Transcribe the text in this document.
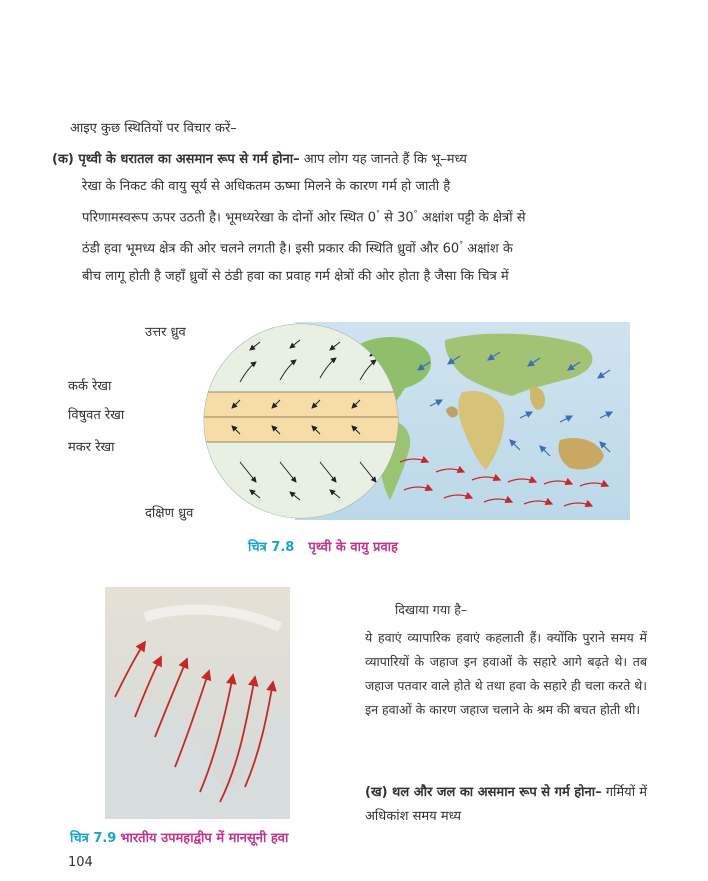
आइए कुछ स्थितियों पर विचार करें–
(क) पृथ्वी के धरातल का असमान रूप से गर्म होना– आप लोग यह जानते हैं कि भू–मध्य
रेखा के निकट की वायु सूर्य से अधिकतम ऊष्मा मिलने के कारण गर्म हो जाती है
परिणामस्वरूप ऊपर उठती है। भूमध्यरेखा के दोनों ओर स्थित 0° से 30° अक्षांश पट्टी के क्षेत्रों से
ठंडी हवा भूमध्य क्षेत्र की ओर चलने लगती है। इसी प्रकार की स्थिति ध्रुवों और 60° अक्षांश के
बीच लागू होती है जहाँ ध्रुवों से ठंडी हवा का प्रवाह गर्म क्षेत्रों की ओर होता है जैसा कि चित्र में
उत्तर ध्रुव
कर्क रेखा
विषुवत रेखा
मकर रेखा
दक्षिण ध्रुव
चित्र 7.8 पृथ्वी के वायु प्रवाह
चित्र 7.9 भारतीय उपमहाद्वीप में मानसूनी हवा
दिखाया गया है–
ये हवाएं व्यापारिक हवाएं कहलाती हैं। क्योंकि पुराने समय में व्यापारियों के जहाज इन हवाओं के सहारे आगे बढ़ते थे। तब जहाज पतवार वाले होते थे तथा हवा के सहारे ही चला करते थे। इन हवाओं के कारण जहाज चलाने के श्रम की बचत होती थी।
(ख) थल और जल का असमान रूप से गर्म होना– गर्मियों में अधिकांश समय मध्य
104
